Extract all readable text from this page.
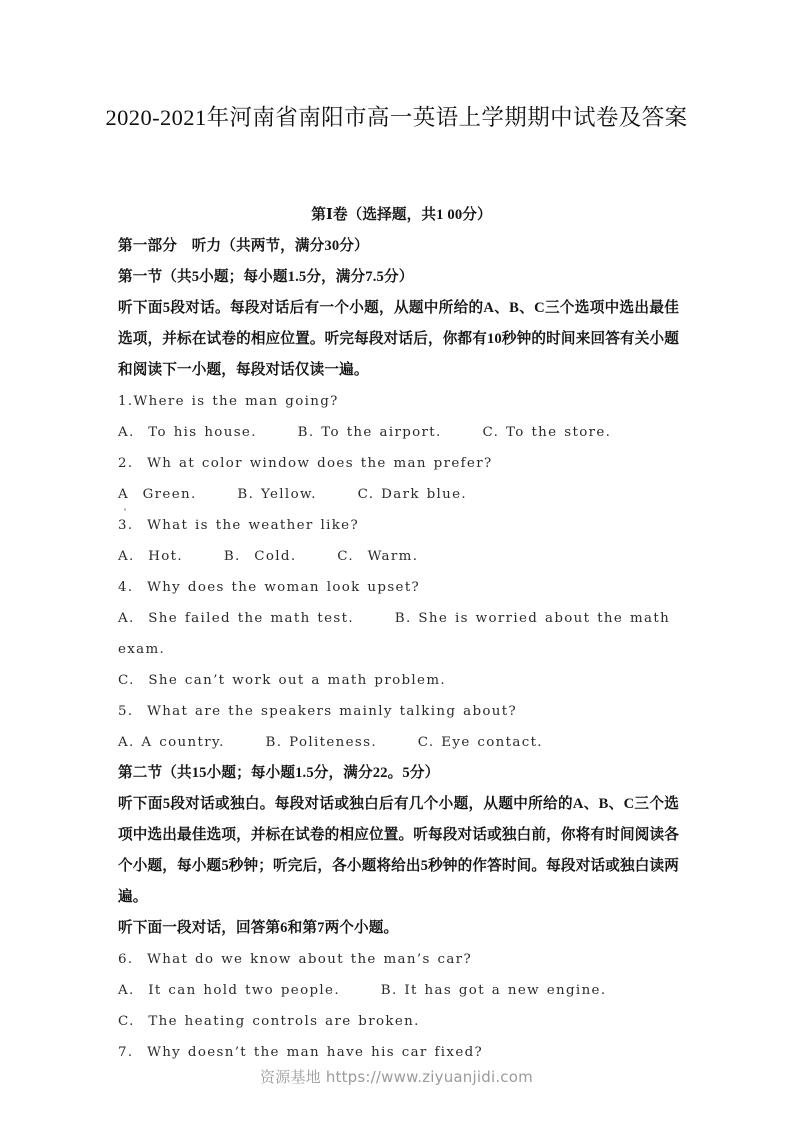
2020-2021年河南省南阳市高一英语上学期期中试卷及答案
第Ⅰ卷（选择题，共1 00分）
第一部分　听力（共两节，满分30分）
第一节（共5小题；每小题1.5分，满分7.5分）
听下面5段对话。每段对话后有一个小题，从题中所给的A、B、C三个选项中选出最佳选项，并标在试卷的相应位置。听完每段对话后，你都有10秒钟的时间来回答有关小题和阅读下一小题，每段对话仅读一遍。
1.Where is the man going?
A.  To his house.      B. To the airport.      C. To the store.
2.  Wh at color window does the man prefer?
A  Green.      B. Yellow.      C. Dark blue.
3.  What is the weather like?
A.  Hot.      B.  Cold.      C.  Warm.
4.  Why does the woman look upset?
A.  She failed the math test.      B. She is worried about the math exam.
C.  She can’t work out a math problem.
5.  What are the speakers mainly talking about?
A. A country.      B. Politeness.      C. Eye contact.
第二节（共15小题；每小题1.5分，满分22。5分）
听下面5段对话或独白。每段对话或独白后有几个小题，从题中所给的A、B、C三个选项中选出最佳选项，并标在试卷的相应位置。听每段对话或独白前，你将有时间阅读各个小题，每小题5秒钟；听完后，各小题将给出5秒钟的作答时间。每段对话或独白读两遍。
听下面一段对话，回答第6和第7两个小题。
6.  What do we know about the man’s car?
A.  It can hold two people.      B. It has got a new engine.
C.  The heating controls are broken.
7.  Why doesn’t the man have his car fixed?
资源基地 https://www.ziyuanjidi.com
